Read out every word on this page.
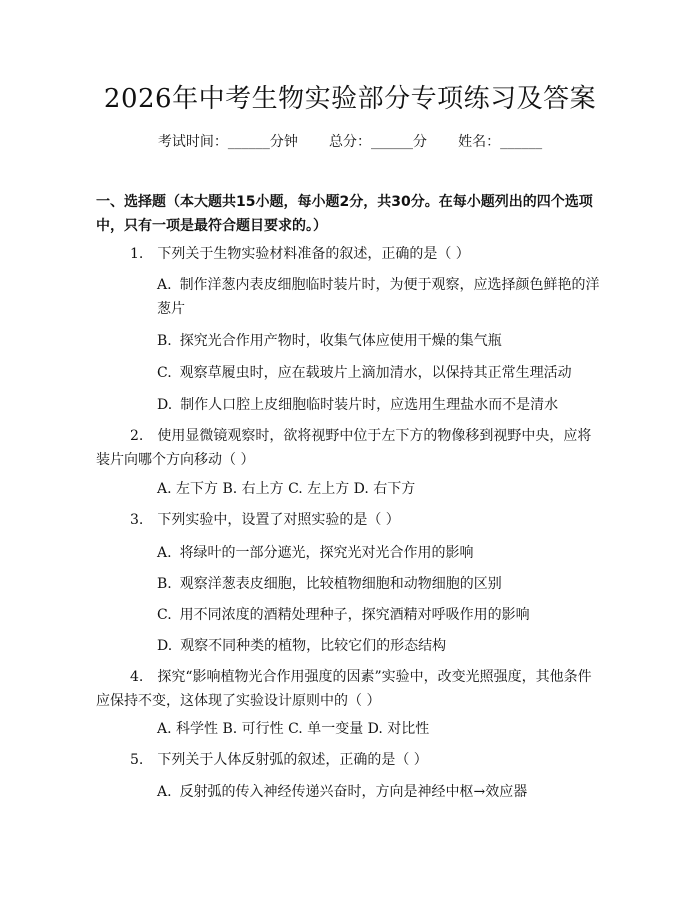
2026年中考生物实验部分专项练习及答案
考试时间：______分钟 总分：______分 姓名：______
一、选择题（本大题共15小题，每小题2分，共30分。在每小题列出的四个选项中，只有一项是最符合题目要求的。）
1. 下列关于生物实验材料准备的叙述，正确的是（ ）
A. 制作洋葱内表皮细胞临时装片时，为便于观察，应选择颜色鲜艳的洋葱片
B. 探究光合作用产物时，收集气体应使用干燥的集气瓶
C. 观察草履虫时，应在载玻片上滴加清水，以保持其正常生理活动
D. 制作人口腔上皮细胞临时装片时，应选用生理盐水而不是清水
2. 使用显微镜观察时，欲将视野中位于左下方的物像移到视野中央，应将装片向哪个方向移动（ ）
A. 左下方 B. 右上方 C. 左上方 D. 右下方
3. 下列实验中，设置了对照实验的是（ ）
A. 将绿叶的一部分遮光，探究光对光合作用的影响
B. 观察洋葱表皮细胞，比较植物细胞和动物细胞的区别
C. 用不同浓度的酒精处理种子，探究酒精对呼吸作用的影响
D. 观察不同种类的植物，比较它们的形态结构
4. 探究“影响植物光合作用强度的因素”实验中，改变光照强度，其他条件应保持不变，这体现了实验设计原则中的（ ）
A. 科学性 B. 可行性 C. 单一变量 D. 对比性
5. 下列关于人体反射弧的叙述，正确的是（ ）
A. 反射弧的传入神经传递兴奋时，方向是神经中枢→效应器
